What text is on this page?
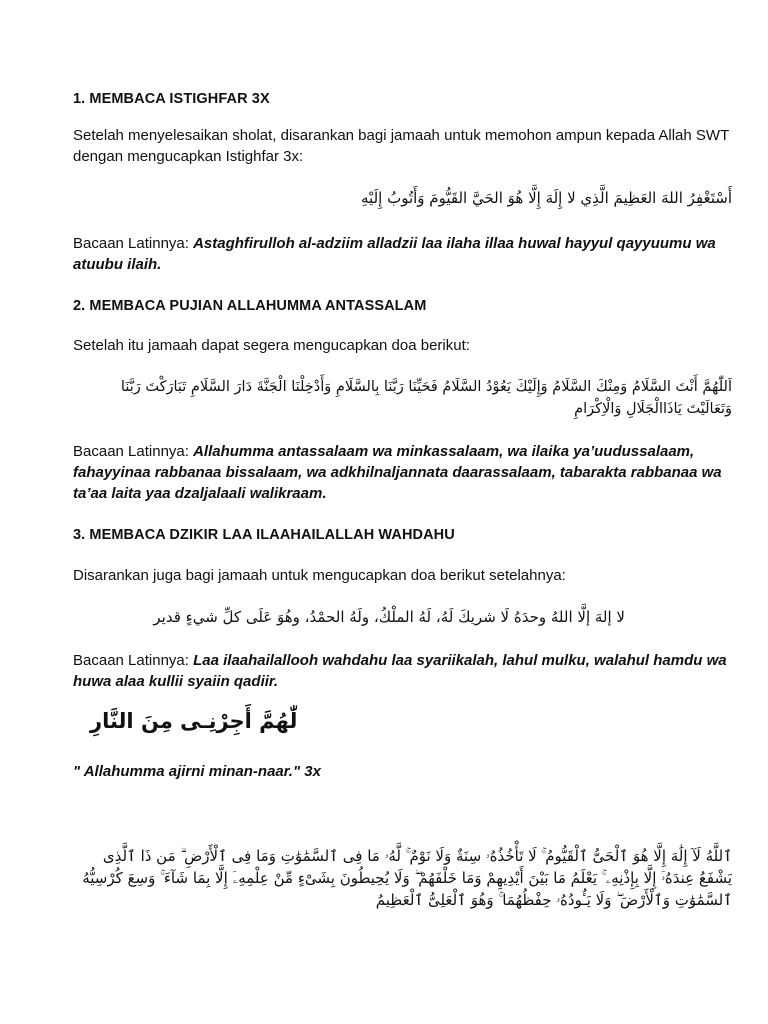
1. MEMBACA ISTIGHFAR 3X
Setelah menyelesaikan sholat, disarankan bagi jamaah untuk memohon ampun kepada Allah SWT dengan mengucapkan Istighfar 3x:
أَسْتَغْفِرُ اللهَ العَظِيمَ الَّذِي لا إِلَهَ إِلَّا هُوَ الحَيَّ القَيُّومَ وَأَتُوبُ إِلَيْهِ
Bacaan Latinnya: Astaghfirulloh al-adziim alladzii laa ilaha illaa huwal hayyul qayyuumu wa atuubu ilaih.
2. MEMBACA PUJIAN ALLAHUMMA ANTASSALAM
Setelah itu jamaah dapat segera mengucapkan doa berikut:
اَللّٰهُمَّ أَنْتَ السَّلَامُ وَمِنْكَ السَّلَامُ وَإِلَيْكَ يَعُوْدُ السَّلَامُ فَحَيِّنَا رَبَّنَا بِالسَّلَامِ وَأَدْخِلْنَا الْجَنَّةَ دَارَ السَّلَامِ تَبَارَكْتَ رَبَّنَا وَتَعَالَيْتَ يَاذَاالْجَلَالِ وَالْاِكْرَامِ
Bacaan Latinnya: Allahumma antassalaam wa minkassalaam, wa ilaika ya’uudussalaam, fahayyinaa rabbanaa bissalaam, wa adkhilnaljannata daarassalaam, tabarakta rabbanaa wa ta’aa laita yaa dzaljalaali walikraam.
3. MEMBACA DZIKIR LAA ILAAHAILALLAH WAHDAHU
Disarankan juga bagi jamaah untuk mengucapkan doa berikut setelahnya:
لا إلهَ إلَّا اللهُ وحدَهُ لَا شريكَ لَهُ، لَهُ الملْكُ، ولَهُ الحمْدُ، وهُوَ عَلَى كلِّ شيءٍ قدير
Bacaan Latinnya: Laa ilaahailallooh wahdahu laa syariikalah, lahul mulku, walahul hamdu wa huwa alaa kullii syaiin qadiir.
لّٰهُمَّ أَجِرْنِـى مِنَ النَّارِ
" Allahumma ajirni minan-naar." 3x
ٱللَّهُ لَآ إِلَٰهَ إِلَّا هُوَ ٱلْحَىُّ ٱلْقَيُّومُ ۚ لَا تَأْخُذُهُۥ سِنَةٌ وَلَا نَوْمٌ ۚ لَّهُۥ مَا فِى ٱلسَّمَٰوَٰتِ وَمَا فِى ٱلْأَرْضِ ۗ مَن ذَا ٱلَّذِى يَشْفَعُ عِندَهُۥٓ إِلَّا بِإِذْنِهِۦ ۚ يَعْلَمُ مَا بَيْنَ أَيْدِيهِمْ وَمَا خَلْفَهُمْ ۖ وَلَا يُحِيطُونَ بِشَىْءٍ مِّنْ عِلْمِهِۦٓ إِلَّا بِمَا شَآءَ ۚ وَسِعَ كُرْسِيُّهُ ٱلسَّمَٰوَٰتِ وَٱلْأَرْضَ ۖ وَلَا يَـُٔودُهُۥ حِفْظُهُمَا ۚ وَهُوَ ٱلْعَلِىُّ ٱلْعَظِيمُ
